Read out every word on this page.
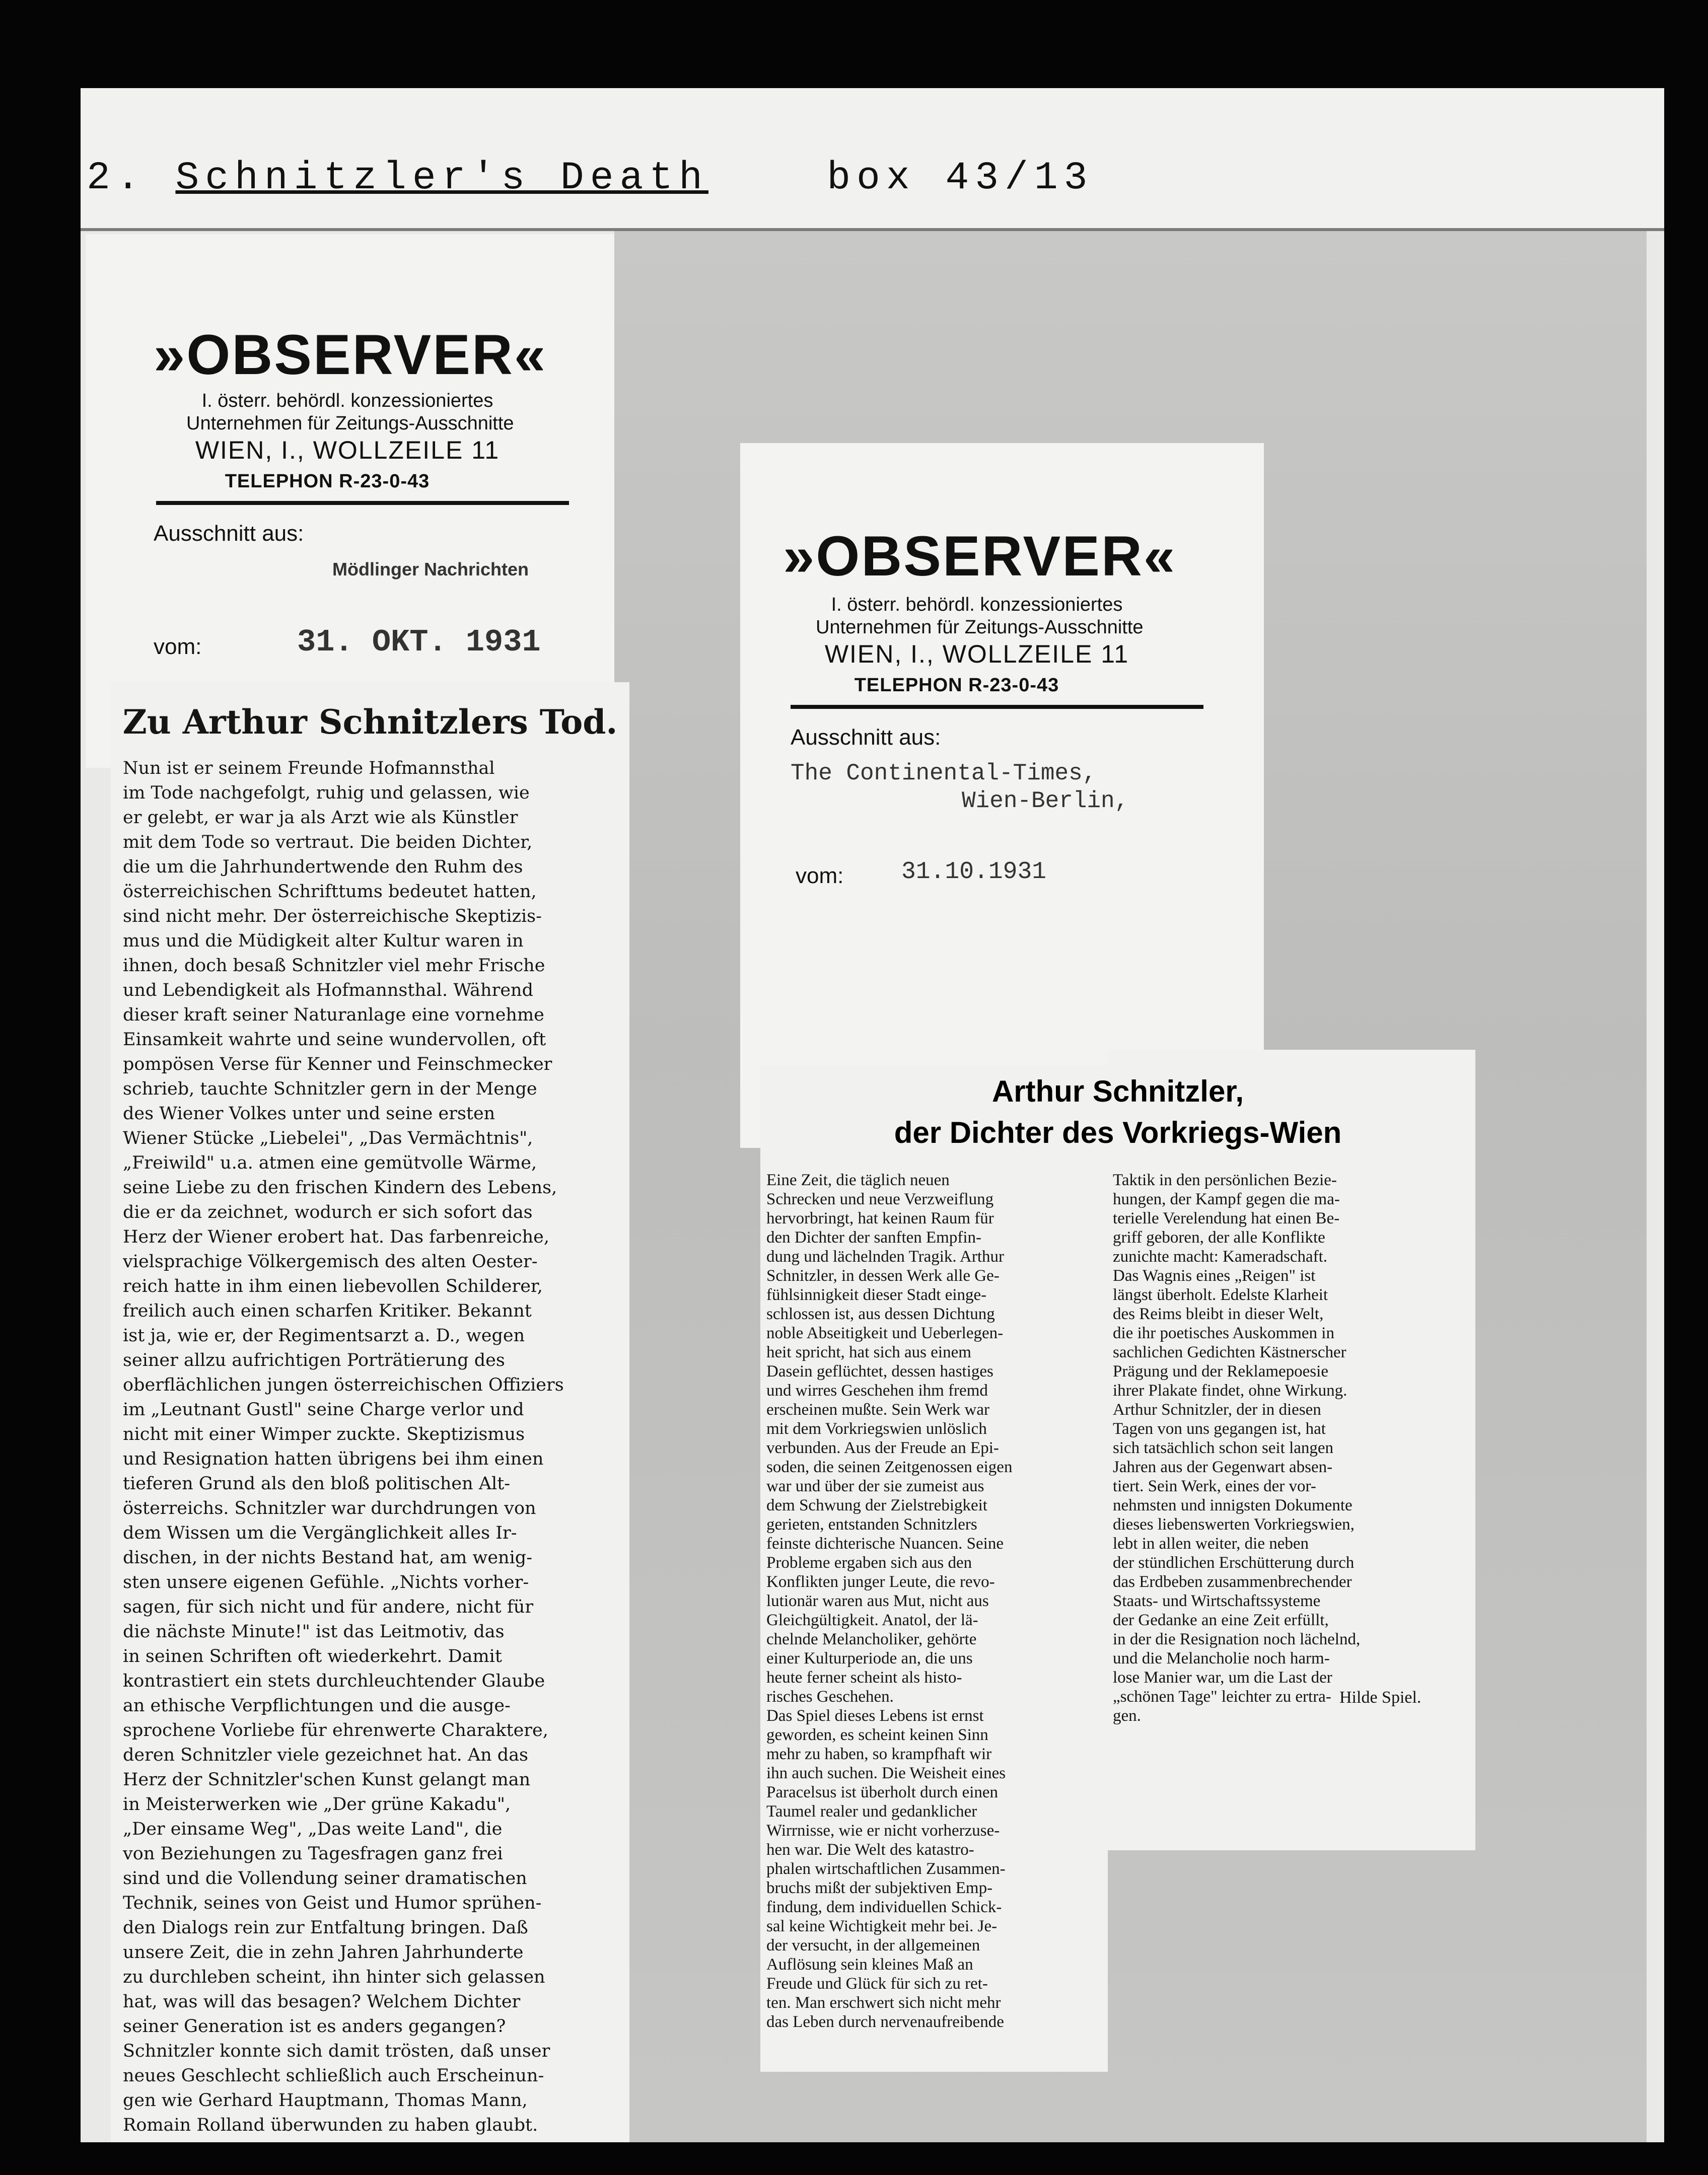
2. Schnitzler's Death	box 43/13
»OBSERVER«
I. österr. behördl. konzessioniertes
Unternehmen für Zeitungs-Ausschnitte
WIEN, I., WOLLZEILE 11
TELEPHON R-23-0-43
Ausschnitt aus:
Mödlinger Nachrichten
vom:	31. OKT. 1931
»OBSERVER«
I. österr. behördl. konzessioniertes
Unternehmen für Zeitungs-Ausschnitte
WIEN, I., WOLLZEILE 11
TELEPHON R-23-0-43
Ausschnitt aus:
The Continental-Times,
Wien-Berlin,
vom: 31.10.1931
Zu Arthur Schnitzlers Tod.
Nun ist er seinem Freunde Hofmannsthal
im Tode nachgefolgt, ruhig und gelassen, wie
er gelebt, er war ja als Arzt wie als Künstler
mit dem Tode so vertraut. Die beiden Dichter,
die um die Jahrhundertwende den Ruhm des
österreichischen Schrifttums bedeutet hatten,
sind nicht mehr. Der österreichische Skeptizis-
mus und die Müdigkeit alter Kultur waren in
ihnen, doch besaß Schnitzler viel mehr Frische
und Lebendigkeit als Hofmannsthal. Während
dieser kraft seiner Naturanlage eine vornehme
Einsamkeit wahrte und seine wundervollen, oft
pompösen Verse für Kenner und Feinschmecker
schrieb, tauchte Schnitzler gern in der Menge
des Wiener Volkes unter und seine ersten
Wiener Stücke „Liebelei", „Das Vermächtnis",
„Freiwild" u.a. atmen eine gemütvolle Wärme,
seine Liebe zu den frischen Kindern des Lebens,
die er da zeichnet, wodurch er sich sofort das
Herz der Wiener erobert hat. Das farbenreiche,
vielsprachige Völkergemisch des alten Oester-
reich hatte in ihm einen liebevollen Schilderer,
freilich auch einen scharfen Kritiker. Bekannt
ist ja, wie er, der Regimentsarzt a. D., wegen
seiner allzu aufrichtigen Porträtierung des
oberflächlichen jungen österreichischen Offiziers
im „Leutnant Gustl" seine Charge verlor und
nicht mit einer Wimper zuckte. Skeptizismus
und Resignation hatten übrigens bei ihm einen
tieferen Grund als den bloß politischen Alt-
österreichs. Schnitzler war durchdrungen von
dem Wissen um die Vergänglichkeit alles Ir-
dischen, in der nichts Bestand hat, am wenig-
sten unsere eigenen Gefühle. „Nichts vorher-
sagen, für sich nicht und für andere, nicht für
die nächste Minute!" ist das Leitmotiv, das
in seinen Schriften oft wiederkehrt. Damit
kontrastiert ein stets durchleuchtender Glaube
an ethische Verpflichtungen und die ausge-
sprochene Vorliebe für ehrenwerte Charaktere,
deren Schnitzler viele gezeichnet hat. An das
Herz der Schnitzler'schen Kunst gelangt man
in Meisterwerken wie „Der grüne Kakadu",
„Der einsame Weg", „Das weite Land", die
von Beziehungen zu Tagesfragen ganz frei
sind und die Vollendung seiner dramatischen
Technik, seines von Geist und Humor sprühen-
den Dialogs rein zur Entfaltung bringen. Daß
unsere Zeit, die in zehn Jahren Jahrhunderte
zu durchleben scheint, ihn hinter sich gelassen
hat, was will das besagen? Welchem Dichter
seiner Generation ist es anders gegangen?
Schnitzler konnte sich damit trösten, daß unser
neues Geschlecht schließlich auch Erscheinun-
gen wie Gerhard Hauptmann, Thomas Mann,
Romain Rolland überwunden zu haben glaubt.
Eine Zeit, die täglich neuen
Schrecken und neue Verzweiflung
hervorbringt, hat keinen Raum für
den Dichter der sanften Empfin-
dung und lächelnden Tragik. Arthur
Schnitzler, in dessen Werk alle Ge-
fühlsinnigkeit dieser Stadt einge-
schlossen ist, aus dessen Dichtung
noble Abseitigkeit und Ueberlegen-
heit spricht, hat sich aus einem
Dasein geflüchtet, dessen hastiges
und wirres Geschehen ihm fremd
erscheinen mußte. Sein Werk war
mit dem Vorkriegswien unlöslich
verbunden. Aus der Freude an Epi-
soden, die seinen Zeitgenossen eigen
war und über der sie zumeist aus
dem Schwung der Zielstrebigkeit
gerieten, entstanden Schnitzlers
feinste dichterische Nuancen. Seine
Probleme ergaben sich aus den
Konflikten junger Leute, die revo-
lutionär waren aus Mut, nicht aus
Gleichgültigkeit. Anatol, der lä-
chelnde Melancholiker, gehörte
einer Kulturperiode an, die uns
heute ferner scheint als histo-
risches Geschehen.
Das Spiel dieses Lebens ist ernst
geworden, es scheint keinen Sinn
mehr zu haben, so krampfhaft wir
ihn auch suchen. Die Weisheit eines
Paracelsus ist überholt durch einen
Taumel realer und gedanklicher
Wirrnisse, wie er nicht vorherzuse-
hen war. Die Welt des katastro-
phalen wirtschaftlichen Zusammen-
bruchs mißt der subjektiven Emp-
findung, dem individuellen Schick-
sal keine Wichtigkeit mehr bei. Je-
der versucht, in der allgemeinen
Auflösung sein kleines Maß an
Freude und Glück für sich zu ret-
ten. Man erschwert sich nicht mehr
das Leben durch nervenaufreibende
Taktik in den persönlichen Bezie-
hungen, der Kampf gegen die ma-
terielle Verelendung hat einen Be-
griff geboren, der alle Konflikte
zunichte macht: Kameradschaft.
Das Wagnis eines „Reigen" ist
längst überholt. Edelste Klarheit
des Reims bleibt in dieser Welt,
die ihr poetisches Auskommen in
sachlichen Gedichten Kästnerscher
Prägung und der Reklamepoesie
ihrer Plakate findet, ohne Wirkung.
Arthur Schnitzler, der in diesen
Tagen von uns gegangen ist, hat
sich tatsächlich schon seit langen
Jahren aus der Gegenwart absen-
tiert. Sein Werk, eines der vor-
nehmsten und innigsten Dokumente
dieses liebenswerten Vorkriegswien,
lebt in allen weiter, die neben
der stündlichen Erschütterung durch
das Erdbeben zusammenbrechender
Staats- und Wirtschaftssysteme
der Gedanke an eine Zeit erfüllt,
in der die Resignation noch lächelnd,
und die Melancholie noch harm-
lose Manier war, um die Last der
„schönen Tage" leichter zu ertra-
gen.
Hilde Spiel.
Arthur Schnitzler,
der Dichter des Vorkriegs-Wien
